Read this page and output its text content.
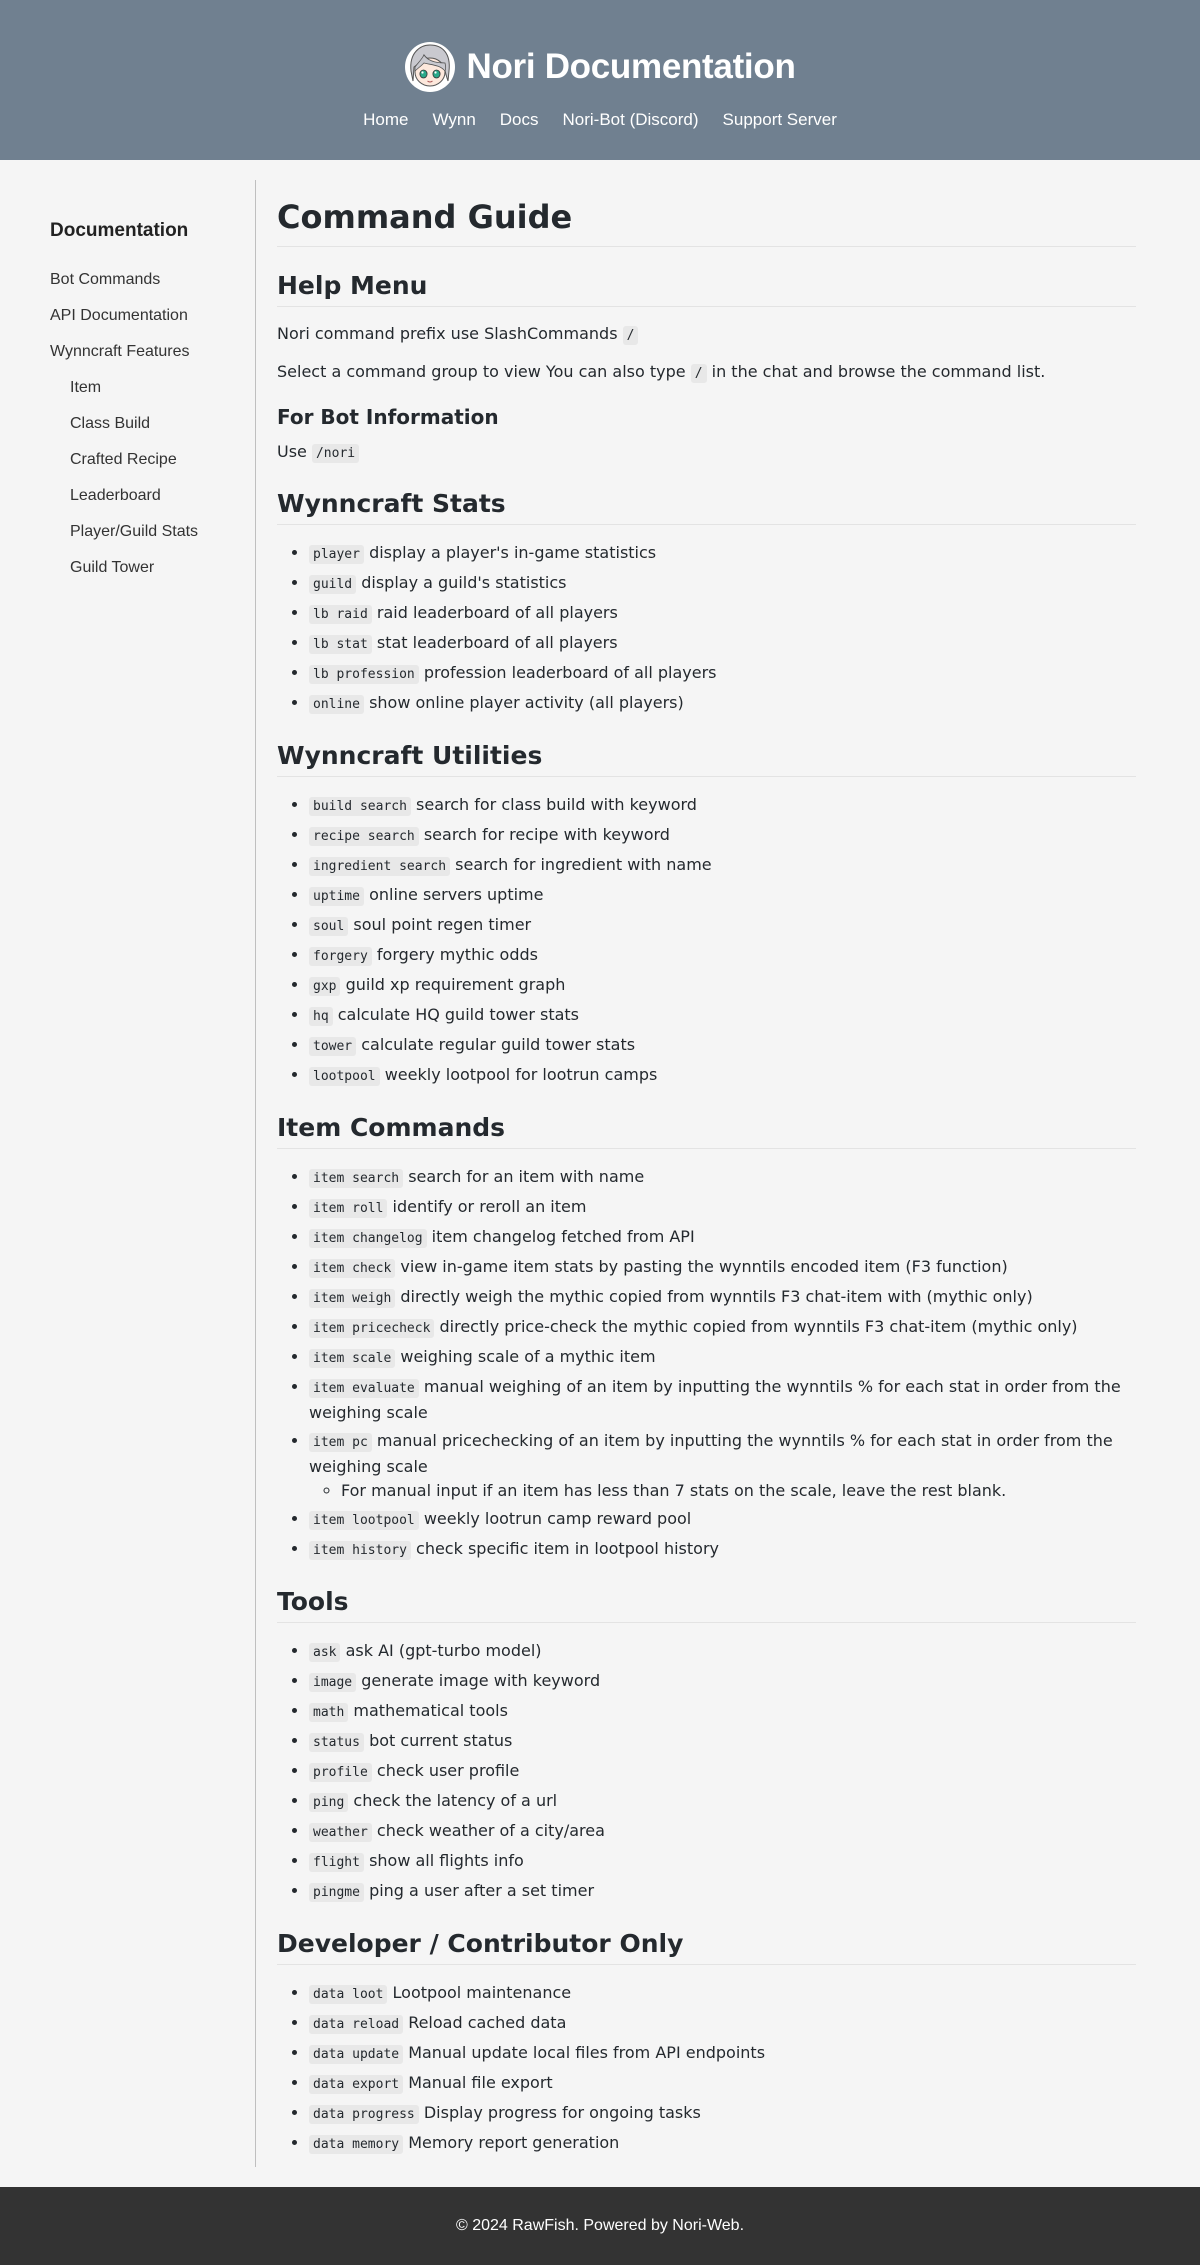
Nori Documentation
Home Wynn Docs Nori-Bot (Discord) Support Server
Documentation
Bot Commands
API Documentation
Wynncraft Features
Item
Class Build
Crafted Recipe
Leaderboard
Player/Guild Stats
Guild Tower
Command Guide
Help Menu

Nori command prefix use SlashCommands /

Select a command group to view You can also type / in the chat and browse the command list.

For Bot Information

Use /nori

Wynncraft Stats
• player display a player's in-game statistics
• guild display a guild's statistics
• lb raid raid leaderboard of all players
• lb stat stat leaderboard of all players
• lb profession profession leaderboard of all players
• online show online player activity (all players)
Wynncraft Utilities
• build search search for class build with keyword
• recipe search search for recipe with keyword
• ingredient search search for ingredient with name
• uptime online servers uptime
• soul soul point regen timer
• forgery forgery mythic odds
• gxp guild xp requirement graph
• hq calculate HQ guild tower stats
• tower calculate regular guild tower stats
• lootpool weekly lootpool for lootrun camps
Item Commands
• item search search for an item with name
• item roll identify or reroll an item
• item changelog item changelog fetched from API
• item check view in-game item stats by pasting the wynntils encoded item (F3 function)
• item weigh directly weigh the mythic copied from wynntils F3 chat-item with (mythic only)
• item pricecheck directly price-check the mythic copied from wynntils F3 chat-item (mythic only)
• item scale weighing scale of a mythic item
• item evaluate manual weighing of an item by inputting the wynntils % for each stat in order from the weighing scale
• item pc manual pricechecking of an item by inputting the wynntils % for each stat in order from the weighing scale
◦ For manual input if an item has less than 7 stats on the scale, leave the rest blank.
• item lootpool weekly lootrun camp reward pool
• item history check specific item in lootpool history
Tools
• ask ask AI (gpt-turbo model)
• image generate image with keyword
• math mathematical tools
• status bot current status
• profile check user profile
• ping check the latency of a url
• weather check weather of a city/area
• flight show all flights info
• pingme ping a user after a set timer
Developer / Contributor Only
• data loot Lootpool maintenance
• data reload Reload cached data
• data update Manual update local files from API endpoints
• data export Manual file export
• data progress Display progress for ongoing tasks
• data memory Memory report generation
© 2024 RawFish. Powered by Nori-Web.
